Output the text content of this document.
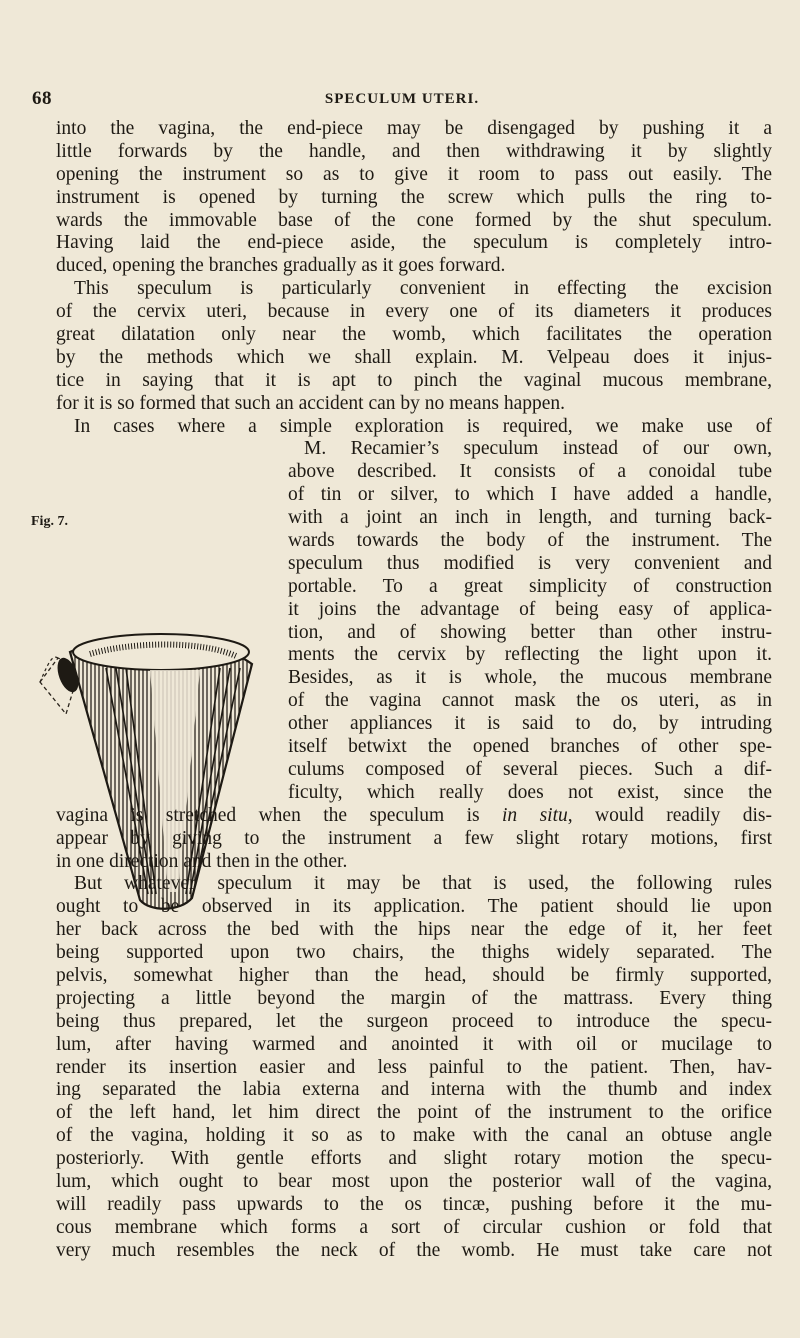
68	SPECULUM UTERI.
Fig. 7.
into the vagina, the end-piece may be disengaged by pushing it a
little forwards by the handle, and then withdrawing it by slightly
opening the instrument so as to give it room to pass out easily. The
instrument is opened by turning the screw which pulls the ring to-
wards the immovable base of the cone formed by the shut speculum.
Having laid the end-piece aside, the speculum is completely intro-
duced, opening the branches gradually as it goes forward.
This speculum is particularly convenient in effecting the excision
of the cervix uteri, because in every one of its diameters it produces
great dilatation only near the womb, which facilitates the operation
by the methods which we shall explain. M. Velpeau does it injus-
tice in saying that it is apt to pinch the vaginal mucous membrane,
for it is so formed that such an accident can by no means happen.
In cases where a simple exploration is required, we make use of
M. Recamier’s speculum instead of our own,
above described. It consists of a conoidal tube
of tin or silver, to which I have added a handle,
with a joint an inch in length, and turning back-
wards towards the body of the instrument. The
speculum thus modified is very convenient and
portable. To a great simplicity of construction
it joins the advantage of being easy of applica-
tion, and of showing better than other instru-
ments the cervix by reflecting the light upon it.
Besides, as it is whole, the mucous membrane
of the vagina cannot mask the os uteri, as in
other appliances it is said to do, by intruding
itself betwixt the opened branches of other spe-
culums composed of several pieces. Such a dif-
ficulty, which really does not exist, since the
vagina is stretched when the speculum is in situ, would readily dis-
appear by giving to the instrument a few slight rotary motions, first
in one direction and then in the other.
But whatever speculum it may be that is used, the following rules
ought to be observed in its application. The patient should lie upon
her back across the bed with the hips near the edge of it, her feet
being supported upon two chairs, the thighs widely separated. The
pelvis, somewhat higher than the head, should be firmly supported,
projecting a little beyond the margin of the mattrass. Every thing
being thus prepared, let the surgeon proceed to introduce the specu-
lum, after having warmed and anointed it with oil or mucilage to
render its insertion easier and less painful to the patient. Then, hav-
ing separated the labia externa and interna with the thumb and index
of the left hand, let him direct the point of the instrument to the orifice
of the vagina, holding it so as to make with the canal an obtuse angle
posteriorly. With gentle efforts and slight rotary motion the specu-
lum, which ought to bear most upon the posterior wall of the vagina,
will readily pass upwards to the os tincæ, pushing before it the mu-
cous membrane which forms a sort of circular cushion or fold that
very much resembles the neck of the womb. He must take care not
